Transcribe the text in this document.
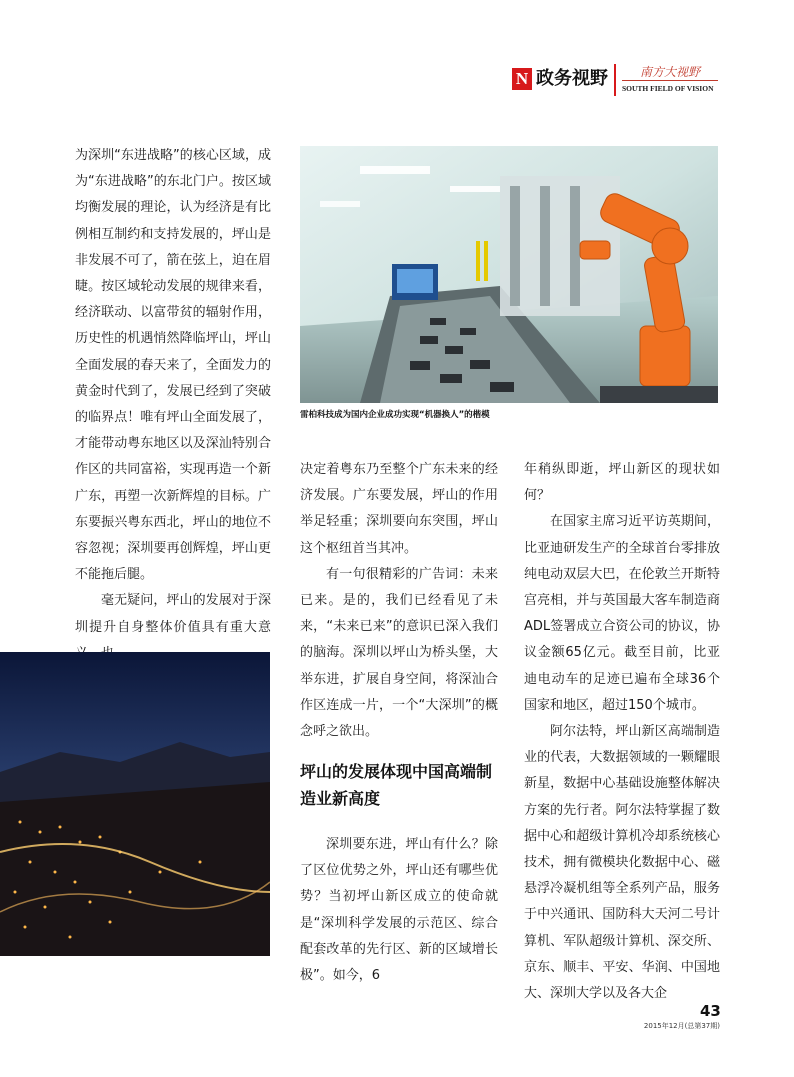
N 政务视野	南方大视野
SOUTH FIELD OF VISION

为深圳“东进战略”的核心区域，成为“东进战略”的东北门户。按区域均衡发展的理论，认为经济是有比例相互制约和支持发展的，坪山是非发展不可了，箭在弦上，迫在眉睫。按区域轮动发展的规律来看，经济联动、以富带贫的辐射作用，历史性的机遇悄然降临坪山，坪山全面发展的春天来了，全面发力的黄金时代到了，发展已经到了突破的临界点！唯有坪山全面发展了，才能带动粤东地区以及深汕特别合作区的共同富裕，实现再造一个新广东，再塑一次新辉煌的目标。广东要振兴粤东西北，坪山的地位不容忽视；深圳要再创辉煌，坪山更不能拖后腿。

毫无疑问，坪山的发展对于深圳提升自身整体价值具有重大意

雷柏科技成为国内企业成功实现“机器换人”的楷模

决定着粤东乃至整个广东未来的经济发展。广东要发展，坪山的作用举足轻重；深圳要向东突围，坪山这个枢纽首当其冲。

有一句很精彩的广告词：未来已来。是的，我们已经看见了未来，“未来已来”的意识已深入我们的脑海。深圳以坪山为桥头堡，大举东进，扩展自身空间，将深汕合作区连成一片，一个“大深圳”的概念呼之欲出。

坪山的发展体现中国高端制造业新高度

深圳要东进，坪山有什么？除了区位优势之外，坪山还有哪些优势？当初坪山新区成立的使命就是“深圳科学发展的示范区、综合配套改革的先行区、新的区域增长极”。如今，6

年稍纵即逝，坪山新区的现状如何？

在国家主席习近平访英期间，比亚迪研发生产的全球首台零排放纯电动双层大巴，在伦敦兰开斯特宫亮相，并与英国最大客车制造商ADL签署成立合资公司的协议，协议金额65亿元。截至目前，比亚迪电动车的足迹已遍布全球36个国家和地区，超过150个城市。

阿尔法特，坪山新区高端制造业的代表，大数据领域的一颗耀眼新星，数据中心基础设施整体解决方案的先行者。阿尔法特掌握了数据中心和超级计算机冷却系统核心技术，拥有微模块化数据中心、磁悬浮冷凝机组等全系列产品，服务于中兴通讯、国防科大天河二号计算机、军队超级计算机、深交所、京东、顺丰、平安、华润、中国地大、深圳大学以及各大企

43
2015年12月(总第37期)
